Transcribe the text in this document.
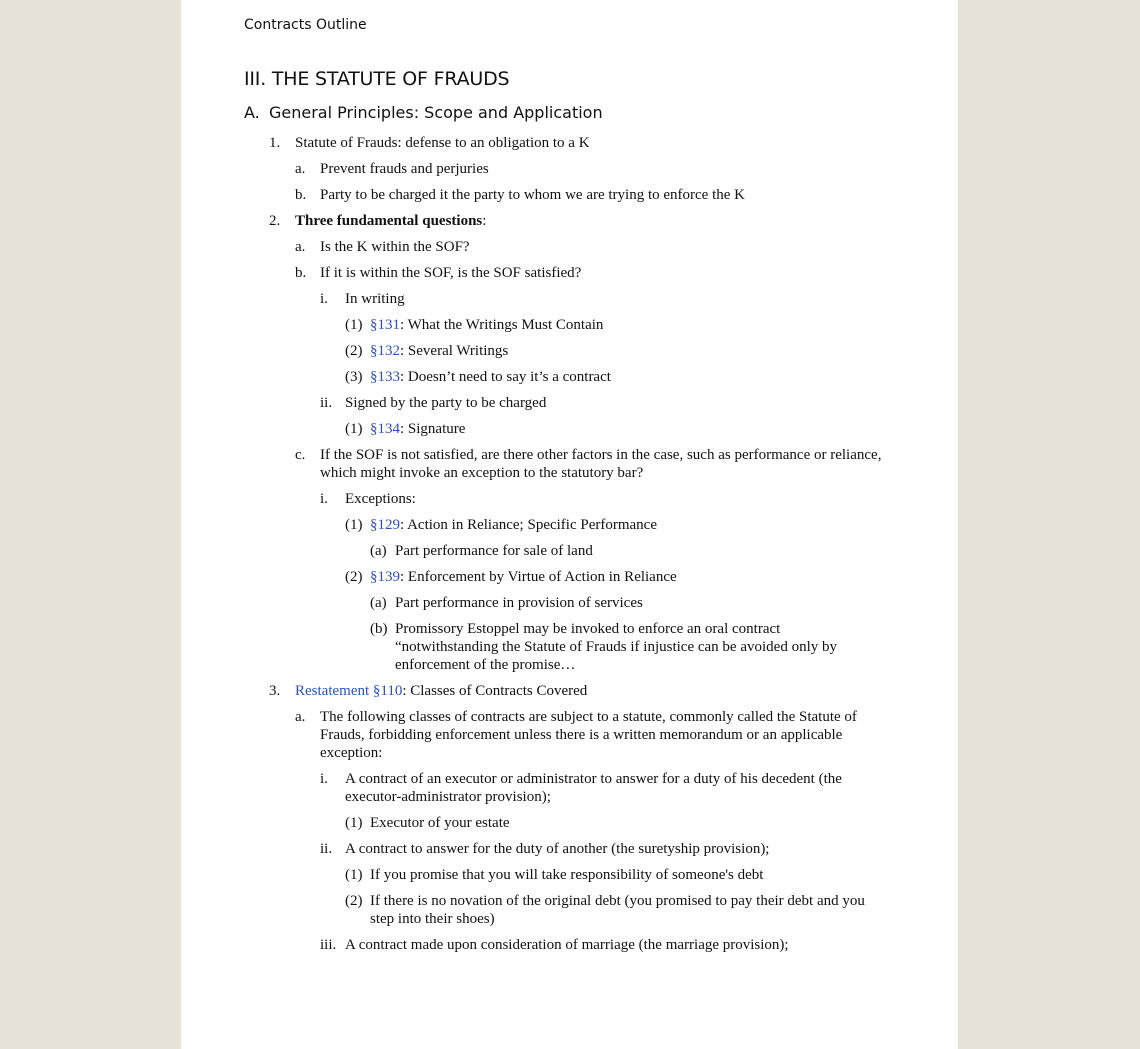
Contracts Outline
III. THE STATUTE OF FRAUDS
A. General Principles: Scope and Application
1. Statute of Frauds: defense to an obligation to a K
a. Prevent frauds and perjuries
b. Party to be charged it the party to whom we are trying to enforce the K
2. Three fundamental questions:
a. Is the K within the SOF?
b. If it is within the SOF, is the SOF satisfied?
i. In writing
(1) §131: What the Writings Must Contain
(2) §132: Several Writings
(3) §133: Doesn’t need to say it’s a contract
ii. Signed by the party to be charged
(1) §134: Signature
c. If the SOF is not satisfied, are there other factors in the case, such as performance or reliance, which might invoke an exception to the statutory bar?
i. Exceptions:
(1) §129: Action in Reliance; Specific Performance
(a) Part performance for sale of land
(2) §139: Enforcement by Virtue of Action in Reliance
(a) Part performance in provision of services
(b) Promissory Estoppel may be invoked to enforce an oral contract “notwithstanding the Statute of Frauds if injustice can be avoided only by enforcement of the promise…
3. Restatement §110: Classes of Contracts Covered
a. The following classes of contracts are subject to a statute, commonly called the Statute of Frauds, forbidding enforcement unless there is a written memorandum or an applicable exception:
i. A contract of an executor or administrator to answer for a duty of his decedent (the executor-administrator provision);
(1) Executor of your estate
ii. A contract to answer for the duty of another (the suretyship provision);
(1) If you promise that you will take responsibility of someone's debt
(2) If there is no novation of the original debt (you promised to pay their debt and you step into their shoes)
iii. A contract made upon consideration of marriage (the marriage provision);
